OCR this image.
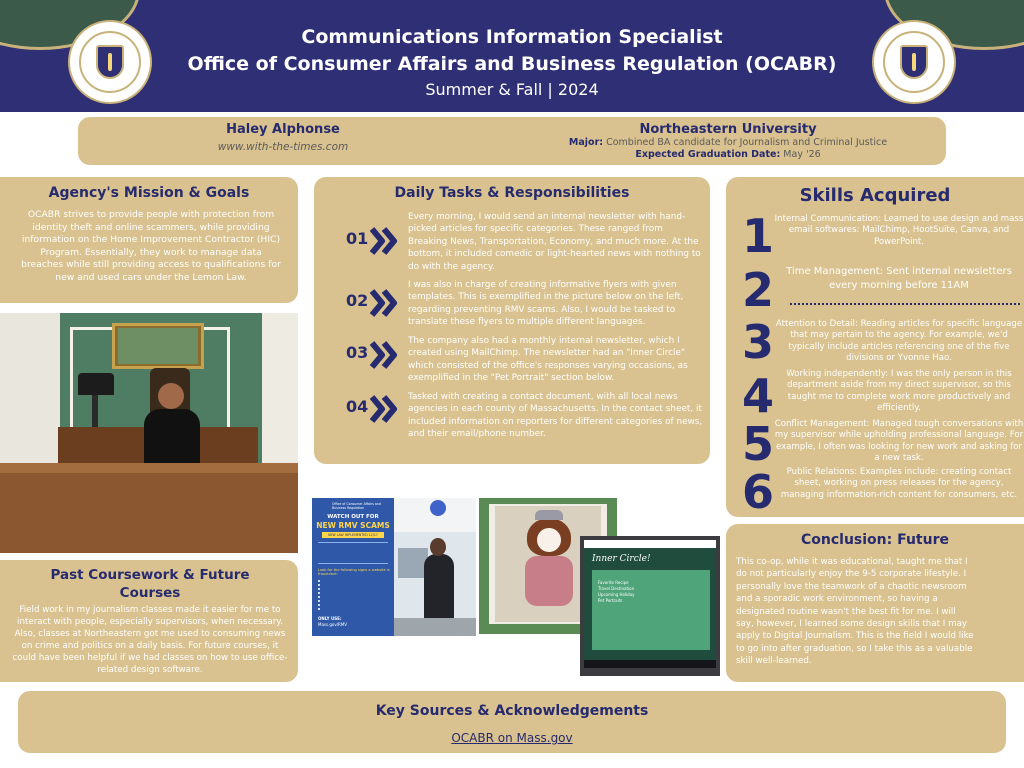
Communications Information Specialist
Office of Consumer Affairs and Business Regulation (OCABR)
Summer & Fall | 2024
Haley Alphonse
www.with-the-times.com
Northeastern University
Major: Combined BA candidate for Journalism and Criminal Justice
Expected Graduation Date: May '26
Agency's Mission & Goals
OCABR strives to provide people with protection from identity theft and online scammers, while providing information on the Home Improvement Contractor (HIC) Program. Essentially, they work to manage data breaches while still providing access to qualifications for new and used cars under the Lemon Law.
Past Coursework & Future Courses
Field work in my journalism classes made it easier for me to interact with people, especially supervisors, when necessary. Also, classes at Northeastern got me used to consuming news on crime and politics on a daily basis. For future courses, it could have been helpful if we had classes on how to use office-related design software.
Daily Tasks & Responsibilities
01
Every morning, I would send an internal newsletter with hand-picked articles for specific categories. These ranged from Breaking News, Transportation, Economy, and much more. At the bottom, it included comedic or light-hearted news with nothing to do with the agency.
02
I was also in charge of creating informative flyers with given templates. This is exemplified in the picture below on the left, regarding preventing RMV scams. Also, I would be tasked to translate these flyers to multiple different languages.
03
The company also had a monthly internal newsletter, which I created using MailChimp. The newsletter had an "Inner Circle" which consisted of the office's responses varying occasions, as exemplified in the "Pet Portrait" section below.
04	Tasked with creating a contact document, with all local news agencies in each county of Massachusetts. In the contact sheet, it included information on reporters for different categories of news, and their email/phone number.
Office of Consumer Affairs and Business Regulation
WATCH OUT FOR
NEW RMV SCAMS
NEW LAW IMPLEMENTED 12/17
Look for the following signs a website is fraudulent:
ONLY USE:
Mass.gov/RMV
Inner Circle!
Favorite Recipe
Travel Destination
Upcoming Holiday
Pet Portraits
Skills Acquired
1 Internal Communication: Learned to use design and mass email softwares: MailChimp, HootSuite, Canva, and PowerPoint.
2	Time Management: Sent internal newsletters every morning before 11AM
3 Attention to Detail: Reading articles for specific language that may pertain to the agency. For example, we'd typically include articles referencing one of the five divisions or Yvonne Hao.
4	Working independently: I was the only person in this department aside from my direct supervisor, so this taught me to complete work more productively and efficiently.
5 Conflict Management: Managed tough conversations with my supervisor while upholding professional language. For example, I often was looking for new work and asking for a new task.
6	Public Relations: Examples include: creating contact sheet, working on press releases for the agency, managing information-rich content for consumers, etc.
Conclusion: Future
This co-op, while it was educational, taught me that I do not particularly enjoy the 9-5 corporate lifestyle. I personally love the teamwork of a chaotic newsroom and a sporadic work environment, so having a designated routine wasn't the best fit for me. I will say, however, I learned some design skills that I may apply to Digital Journalism. This is the field I would like to go into after graduation, so I take this as a valuable skill well-learned.
Key Sources & Acknowledgements
OCABR on Mass.gov
